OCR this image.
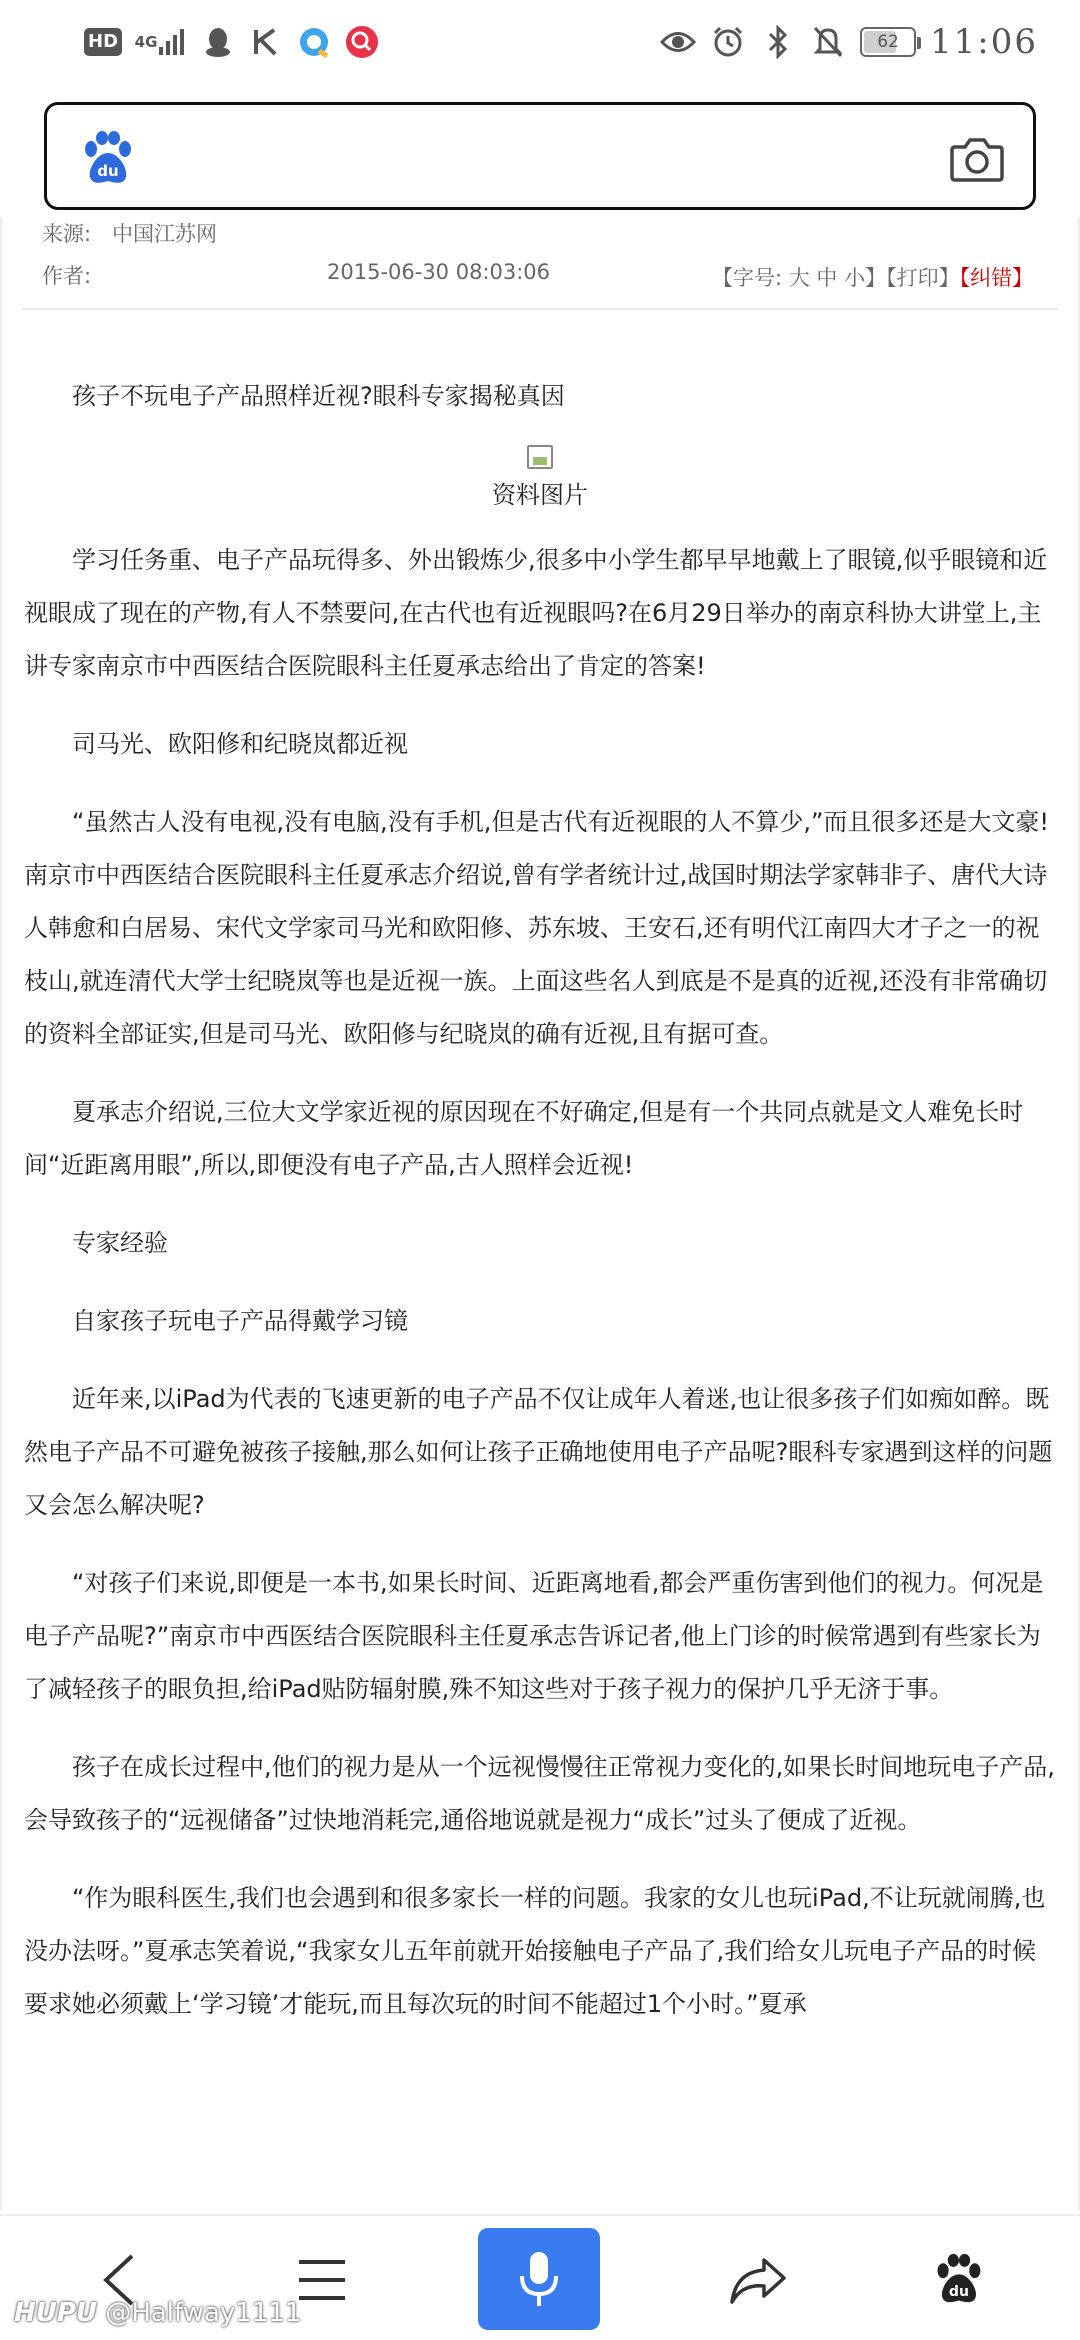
HD 4G	62 11:06
du
来源: 中国江苏网
作者:	2015-06-30 08:03:06	【字号: 大 中 小】【打印】【纠错】

孩子不玩电子产品照样近视?眼科专家揭秘真因

资料图片

学习任务重、电子产品玩得多、外出锻炼少,很多中小学生都早早地戴上了眼镜,似乎眼镜和近视眼成了现在的产物,有人不禁要问,在古代也有近视眼吗?在6月29日举办的南京科协大讲堂上,主讲专家南京市中西医结合医院眼科主任夏承志给出了肯定的答案!

司马光、欧阳修和纪晓岚都近视

“虽然古人没有电视,没有电脑,没有手机,但是古代有近视眼的人不算少,”而且很多还是大文豪!南京市中西医结合医院眼科主任夏承志介绍说,曾有学者统计过,战国时期法学家韩非子、唐代大诗人韩愈和白居易、宋代文学家司马光和欧阳修、苏东坡、王安石,还有明代江南四大才子之一的祝枝山,就连清代大学士纪晓岚等也是近视一族。上面这些名人到底是不是真的近视,还没有非常确切的资料全部证实,但是司马光、欧阳修与纪晓岚的确有近视,且有据可查。

夏承志介绍说,三位大文学家近视的原因现在不好确定,但是有一个共同点就是文人难免长时间“近距离用眼”,所以,即便没有电子产品,古人照样会近视!

专家经验

自家孩子玩电子产品得戴学习镜

近年来,以iPad为代表的飞速更新的电子产品不仅让成年人着迷,也让很多孩子们如痴如醉。既然电子产品不可避免被孩子接触,那么如何让孩子正确地使用电子产品呢?眼科专家遇到这样的问题又会怎么解决呢?

“对孩子们来说,即便是一本书,如果长时间、近距离地看,都会严重伤害到他们的视力。何况是电子产品呢?”南京市中西医结合医院眼科主任夏承志告诉记者,他上门诊的时候常遇到有些家长为了减轻孩子的眼负担,给iPad贴防辐射膜,殊不知这些对于孩子视力的保护几乎无济于事。

孩子在成长过程中,他们的视力是从一个远视慢慢往正常视力变化的,如果长时间地玩电子产品,会导致孩子的“远视储备”过快地消耗完,通俗地说就是视力“成长”过头了便成了近视。

“作为眼科医生,我们也会遇到和很多家长一样的问题。我家的女儿也玩iPad,不让玩就闹腾,也没办法呀。”夏承志笑着说,“我家女儿五年前就开始接触电子产品了,我们给女儿玩电子产品的时候要求她必须戴上‘学习镜’才能玩,而且每次玩的时间不能超过1个小时。”夏承

du
HUPU @Halfway1111
